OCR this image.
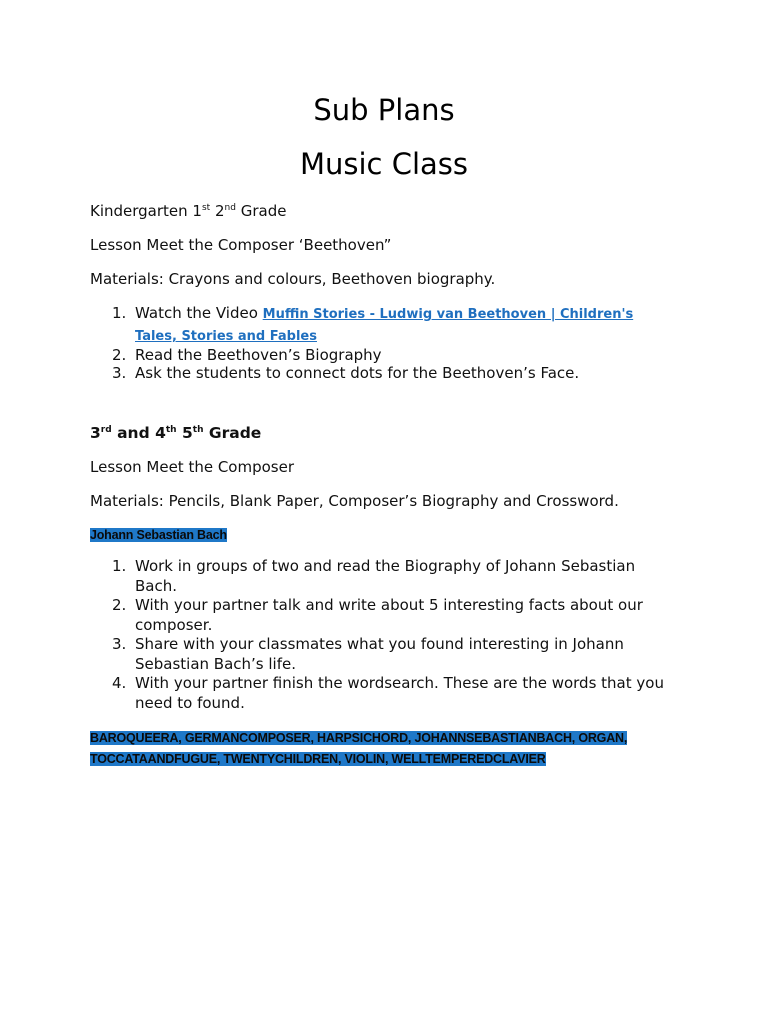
Sub Plans
Music Class
Kindergarten 1st 2nd Grade
Lesson Meet the Composer ‘Beethoven”
Materials: Crayons and colours, Beethoven biography.
1. Watch the Video Muffin Stories - Ludwig van Beethoven | Children's
Tales, Stories and Fables
2. Read the Beethoven’s Biography
3. Ask the students to connect dots for the Beethoven’s Face.
3rd and 4th 5th Grade
Lesson Meet the Composer
Materials: Pencils, Blank Paper, Composer’s Biography and Crossword.
Johann Sebastian Bach
1. Work in groups of two and read the Biography of Johann Sebastian
Bach.
2. With your partner talk and write about 5 interesting facts about our
composer.
3. Share with your classmates what you found interesting in Johann
Sebastian Bach’s life.
4. With your partner finish the wordsearch. These are the words that you
need to found.
BAROQUEERA, GERMANCOMPOSER, HARPSICHORD, JOHANNSEBASTIANBACH, ORGAN,
TOCCATAANDFUGUE, TWENTYCHILDREN, VIOLIN, WELLTEMPEREDCLAVIER
